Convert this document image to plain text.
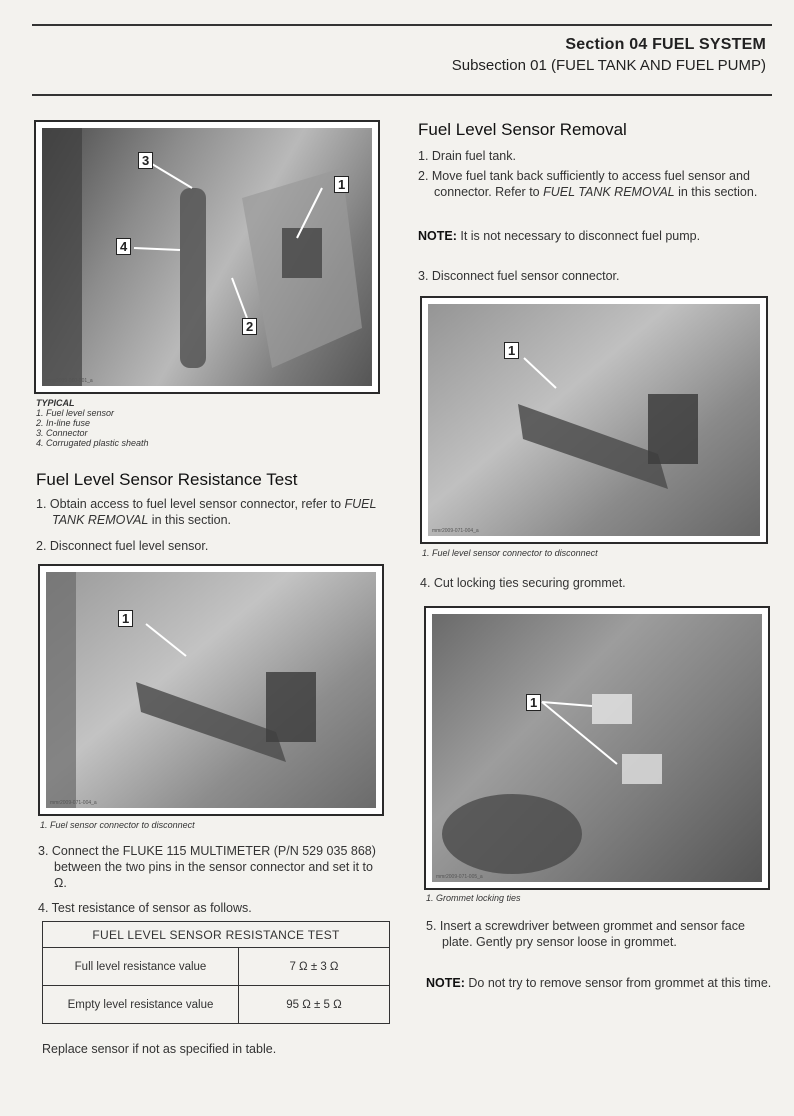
Section 04 FUEL SYSTEM
Subsection 01 (FUEL TANK AND FUEL PUMP)
1
2
3
4
mmr2009-060-001_a
TYPICAL
1. Fuel level sensor
2. In-line fuse
3. Connector
4. Corrugated plastic sheath
Fuel Level Sensor Resistance Test
1. Obtain access to fuel level sensor connector, refer to FUEL TANK REMOVAL in this section.
2. Disconnect fuel level sensor.
1
mmr2009-071-004_a
1. Fuel sensor connector to disconnect
3. Connect the FLUKE 115 MULTIMETER (P/N 529 035 868) between the two pins in the sensor connector and set it to Ω.
4. Test resistance of sensor as follows.
FUEL LEVEL SENSOR RESISTANCE TEST	
Full level resistance value	7 Ω ± 3 Ω
Empty level resistance value	95 Ω ± 5 Ω
Replace sensor if not as specified in table.
Fuel Level Sensor Removal
1. Drain fuel tank.
2. Move fuel tank back sufficiently to access fuel sensor and connector. Refer to FUEL TANK REMOVAL in this section.
NOTE: It is not necessary to disconnect fuel pump.
3. Disconnect fuel sensor connector.
1
mmr2009-071-004_a
1. Fuel level sensor connector to disconnect
4. Cut locking ties securing grommet.
1
mmr2009-071-005_a
1. Grommet locking ties
5. Insert a screwdriver between grommet and sensor face plate. Gently pry sensor loose in grommet.
NOTE: Do not try to remove sensor from grommet at this time.
